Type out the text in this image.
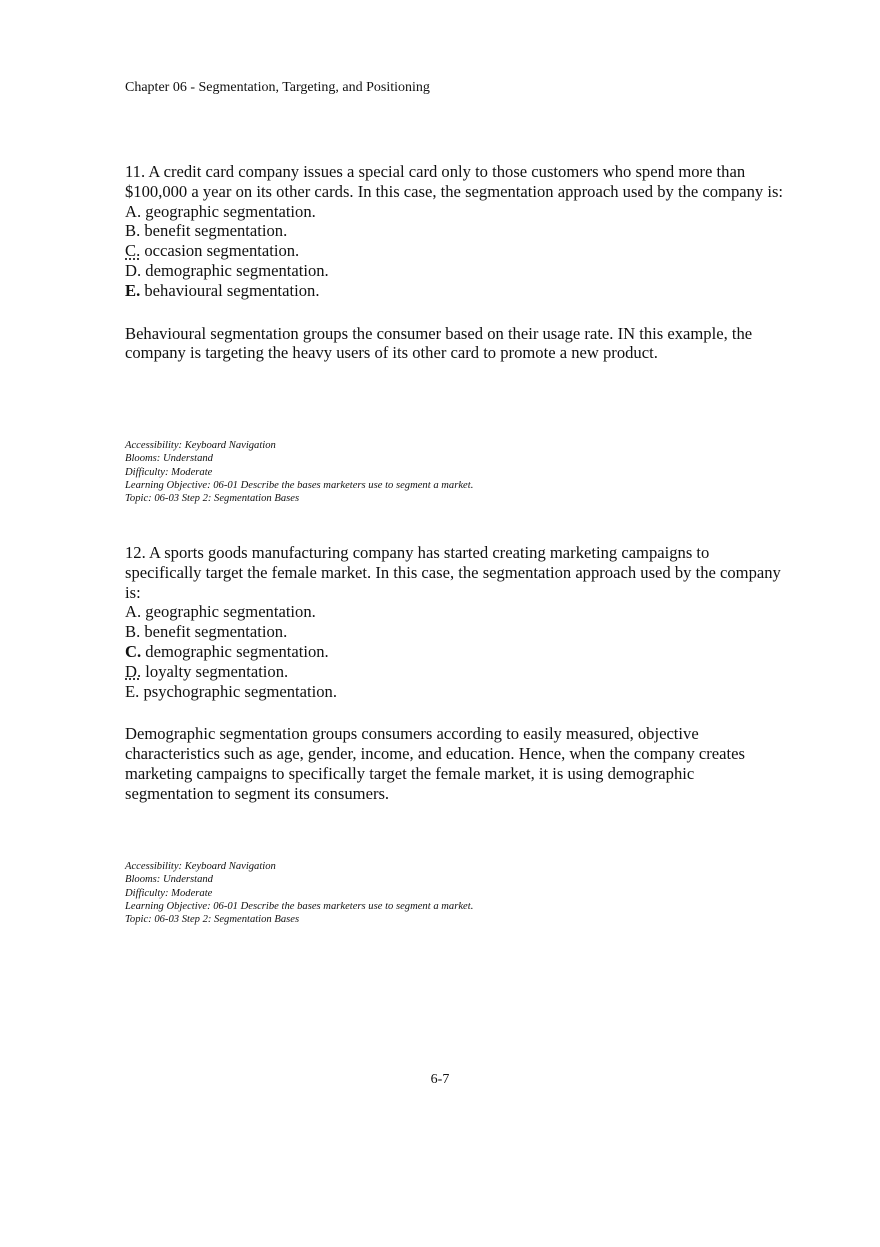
Chapter 06 - Segmentation, Targeting, and Positioning

11. A credit card company issues a special card only to those customers who spend more than $100,000 a year on its other cards. In this case, the segmentation approach used by the company is:

A. geographic segmentation.
B. benefit segmentation.
C. occasion segmentation.
D. demographic segmentation.
E. behavioural segmentation.

Behavioural segmentation groups the consumer based on their usage rate. IN this example, the company is targeting the heavy users of its other card to promote a new product.

Accessibility: Keyboard Navigation
Blooms: Understand
Difficulty: Moderate
Learning Objective: 06-01 Describe the bases marketers use to segment a market.
Topic: 06-03 Step 2: Segmentation Bases

12. A sports goods manufacturing company has started creating marketing campaigns to specifically target the female market. In this case, the segmentation approach used by the company is:

A. geographic segmentation.
B. benefit segmentation.
C. demographic segmentation.
D. loyalty segmentation.
E. psychographic segmentation.

Demographic segmentation groups consumers according to easily measured, objective characteristics such as age, gender, income, and education. Hence, when the company creates marketing campaigns to specifically target the female market, it is using demographic segmentation to segment its consumers.

Accessibility: Keyboard Navigation
Blooms: Understand
Difficulty: Moderate
Learning Objective: 06-01 Describe the bases marketers use to segment a market.
Topic: 06-03 Step 2: Segmentation Bases
6-7
